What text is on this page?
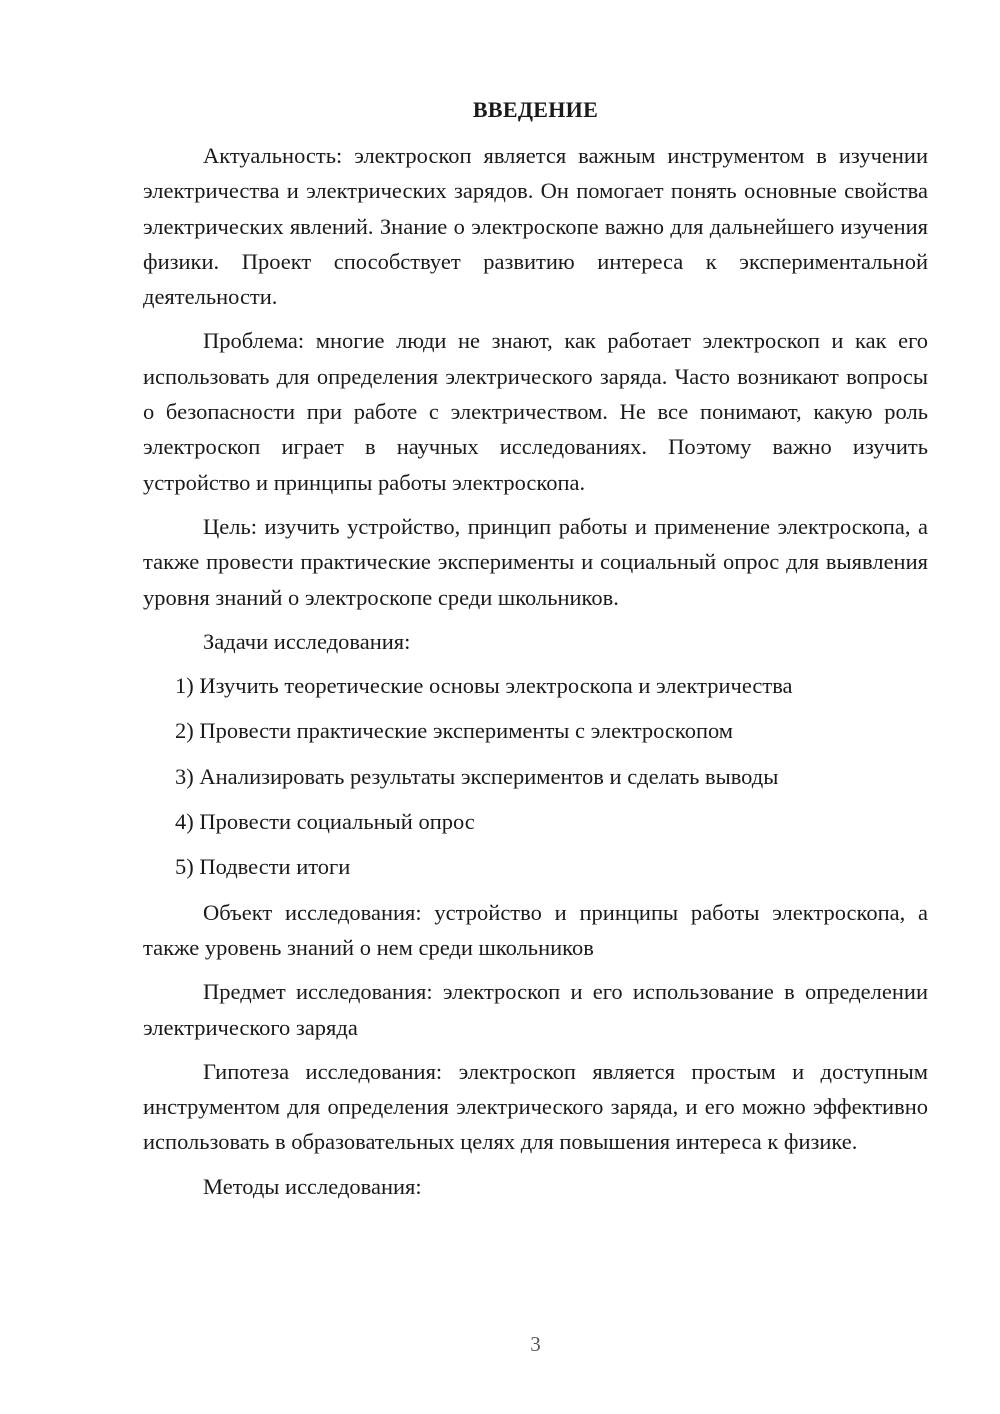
ВВЕДЕНИЕ

Актуальность: электроскоп является важным инструментом в изучении электричества и электрических зарядов. Он помогает понять основные свойства электрических явлений. Знание о электроскопе важно для дальнейшего изучения физики. Проект способствует развитию интереса к экспериментальной деятельности.

Проблема: многие люди не знают, как работает электроскоп и как его использовать для определения электрического заряда. Часто возникают вопросы о безопасности при работе с электричеством. Не все понимают, какую роль электроскоп играет в научных исследованиях. Поэтому важно изучить устройство и принципы работы электроскопа.

Цель: изучить устройство, принцип работы и применение электроскопа, а также провести практические эксперименты и социальный опрос для выявления уровня знаний о электроскопе среди школьников.

Задачи исследования:

1) Изучить теоретические основы электроскопа и электричества
2) Провести практические эксперименты с электроскопом
3) Анализировать результаты экспериментов и сделать выводы
4) Провести социальный опрос
5) Подвести итоги

Объект исследования: устройство и принципы работы электроскопа, а также уровень знаний о нем среди школьников

Предмет исследования: электроскоп и его использование в определении электрического заряда

Гипотеза исследования: электроскоп является простым и доступным инструментом для определения электрического заряда, и его можно эффективно использовать в образовательных целях для повышения интереса к физике.

Методы исследования:

3
